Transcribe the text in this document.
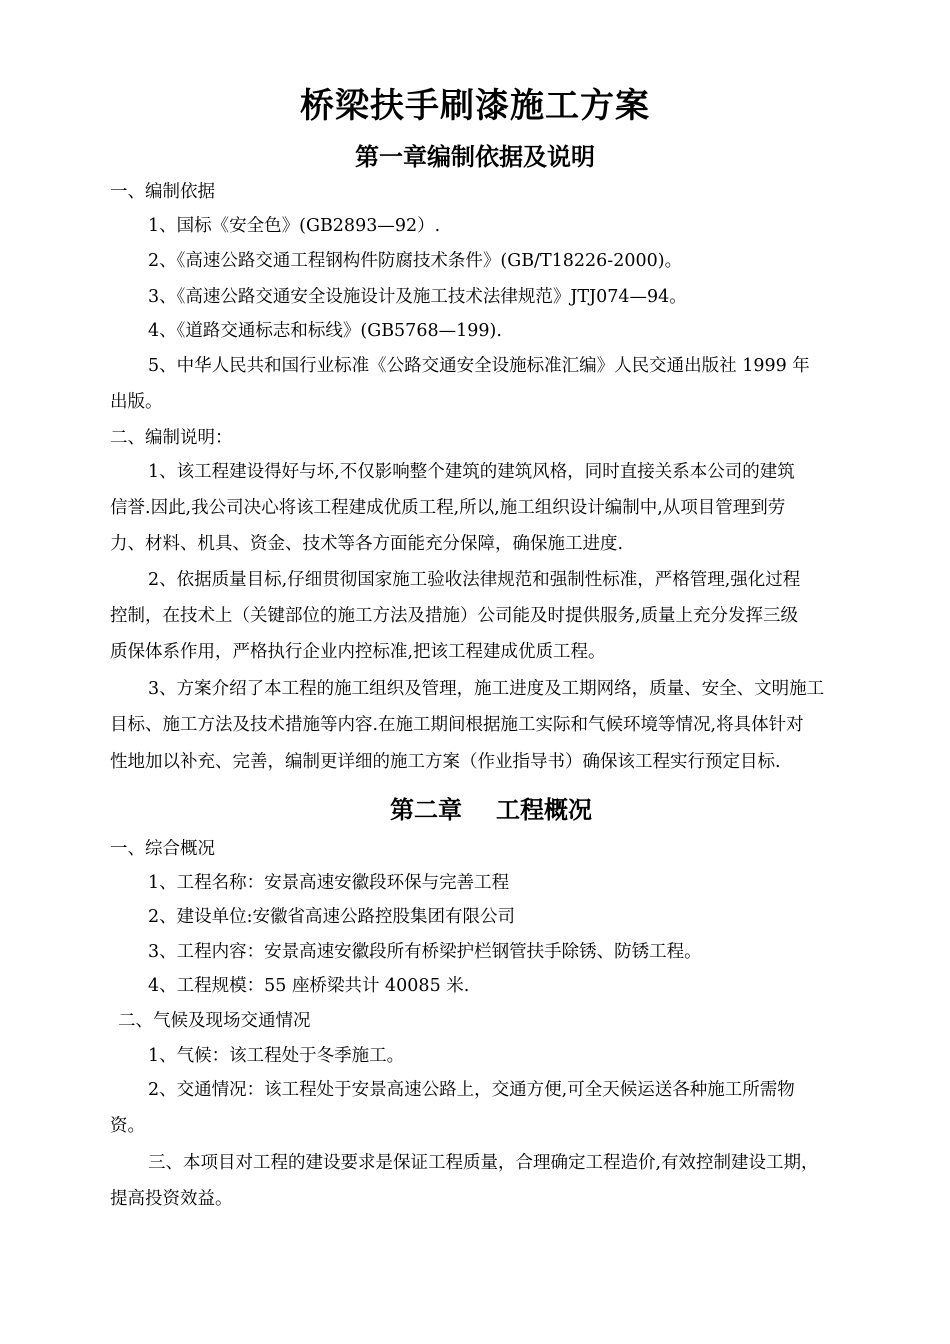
桥梁扶手刷漆施工方案
第一章编制依据及说明
一、编制依据
1、国标《安全色》(GB2893—92）.
2、《高速公路交通工程钢构件防腐技术条件》(GB/T18226-2000)。
3、《高速公路交通安全设施设计及施工技术法律规范》JTJ074—94。
4、《道路交通标志和标线》(GB5768—199).
5、中华人民共和国行业标准《公路交通安全设施标准汇编》人民交通出版社 1999 年
出版。
二、编制说明：
1、该工程建设得好与坏,不仅影响整个建筑的建筑风格，同时直接关系本公司的建筑
信誉.因此,我公司决心将该工程建成优质工程,所以,施工组织设计编制中,从项目管理到劳
力、材料、机具、资金、技术等各方面能充分保障，确保施工进度.
2、依据质量目标,仔细贯彻国家施工验收法律规范和强制性标准，严格管理,强化过程
控制，在技术上（关键部位的施工方法及措施）公司能及时提供服务,质量上充分发挥三级
质保体系作用，严格执行企业内控标准,把该工程建成优质工程。
3、方案介绍了本工程的施工组织及管理，施工进度及工期网络，质量、安全、文明施工
目标、施工方法及技术措施等内容.在施工期间根据施工实际和气候环境等情况,将具体针对
性地加以补充、完善，编制更详细的施工方案（作业指导书）确保该工程实行预定目标.
第二章 工程概况
一、综合概况
1、工程名称：安景高速安徽段环保与完善工程
2、建设单位:安徽省高速公路控股集团有限公司
3、工程内容：安景高速安徽段所有桥梁护栏钢管扶手除锈、防锈工程。
4、工程规模：55 座桥梁共计 40085 米.
二、气候及现场交通情况
1、气候：该工程处于冬季施工。
2、交通情况：该工程处于安景高速公路上，交通方便,可全天候运送各种施工所需物
资。
三、本项目对工程的建设要求是保证工程质量，合理确定工程造价,有效控制建设工期，
提高投资效益。
